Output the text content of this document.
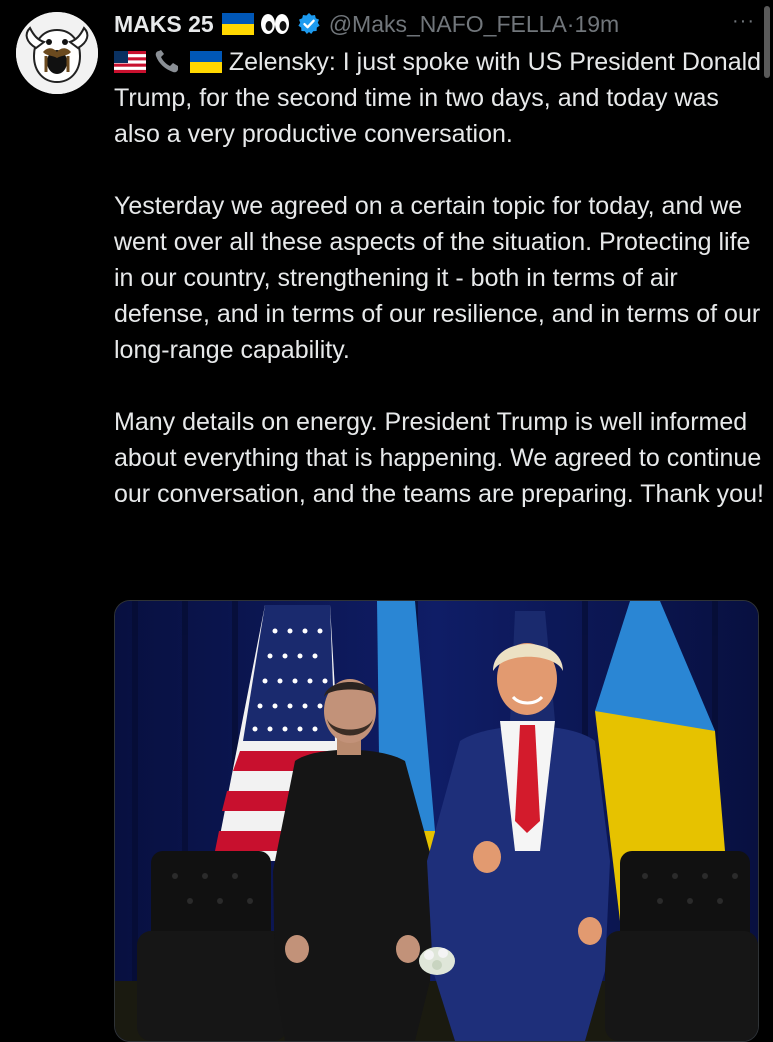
MAKS 25	@Maks_NAFO_FELLA · 19m	···

Zelensky: I just spoke with US President Donald Trump, for the second time in two days, and today was also a very productive conversation.

Yesterday we agreed on a certain topic for today, and we went over all these aspects of the situation. Protecting life in our country, strengthening it - both in terms of air defense, and in terms of our resilience, and in terms of our long-range capability.

Many details on energy. President Trump is well informed about everything that is happening. We agreed to continue our conversation, and the teams are preparing. Thank you!
